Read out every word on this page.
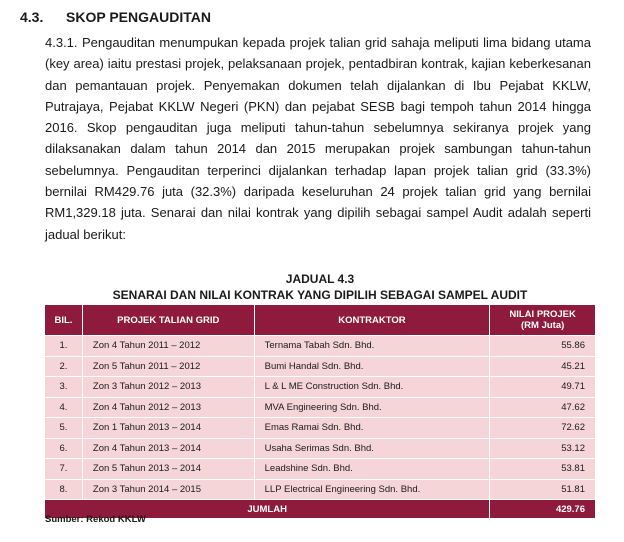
4.3. SKOP PENGAUDITAN
4.3.1. Pengauditan menumpukan kepada projek talian grid sahaja meliputi lima bidang utama (key area) iaitu prestasi projek, pelaksanaan projek, pentadbiran kontrak, kajian keberkesanan dan pemantauan projek. Penyemakan dokumen telah dijalankan di Ibu Pejabat KKLW, Putrajaya, Pejabat KKLW Negeri (PKN) dan pejabat SESB bagi tempoh tahun 2014 hingga 2016. Skop pengauditan juga meliputi tahun-tahun sebelumnya sekiranya projek yang dilaksanakan dalam tahun 2014 dan 2015 merupakan projek sambungan tahun-tahun sebelumnya. Pengauditan terperinci dijalankan terhadap lapan projek talian grid (33.3%) bernilai RM429.76 juta (32.3%) daripada keseluruhan 24 projek talian grid yang bernilai RM1,329.18 juta. Senarai dan nilai kontrak yang dipilih sebagai sampel Audit adalah seperti jadual berikut:
JADUAL 4.3
SENARAI DAN NILAI KONTRAK YANG DIPILIH SEBAGAI SAMPEL AUDIT
BIL.	PROJEK TALIAN GRID	KONTRAKTOR	NILAI PROJEK
(RM Juta)

1.	Zon 4 Tahun 2011 – 2012	Ternama Tabah Sdn. Bhd.	55.86
2.	Zon 5 Tahun 2011 – 2012	Bumi Handal Sdn. Bhd.	45.21
3.	Zon 3 Tahun 2012 – 2013	L & L ME Construction Sdn. Bhd.	49.71
4.	Zon 4 Tahun 2012 – 2013	MVA Engineering Sdn. Bhd.	47.62
5.	Zon 1 Tahun 2013 – 2014	Emas Ramai Sdn. Bhd.	72.62
6.	Zon 4 Tahun 2013 – 2014	Usaha Serimas Sdn. Bhd.	53.12
7.	Zon 5 Tahun 2013 – 2014	Leadshine Sdn. Bhd.	53.81
8.	Zon 3 Tahun 2014 – 2015	LLP Electrical Engineering Sdn. Bhd.	51.81
JUMLAH			429.76
Sumber: Rekod KKLW
